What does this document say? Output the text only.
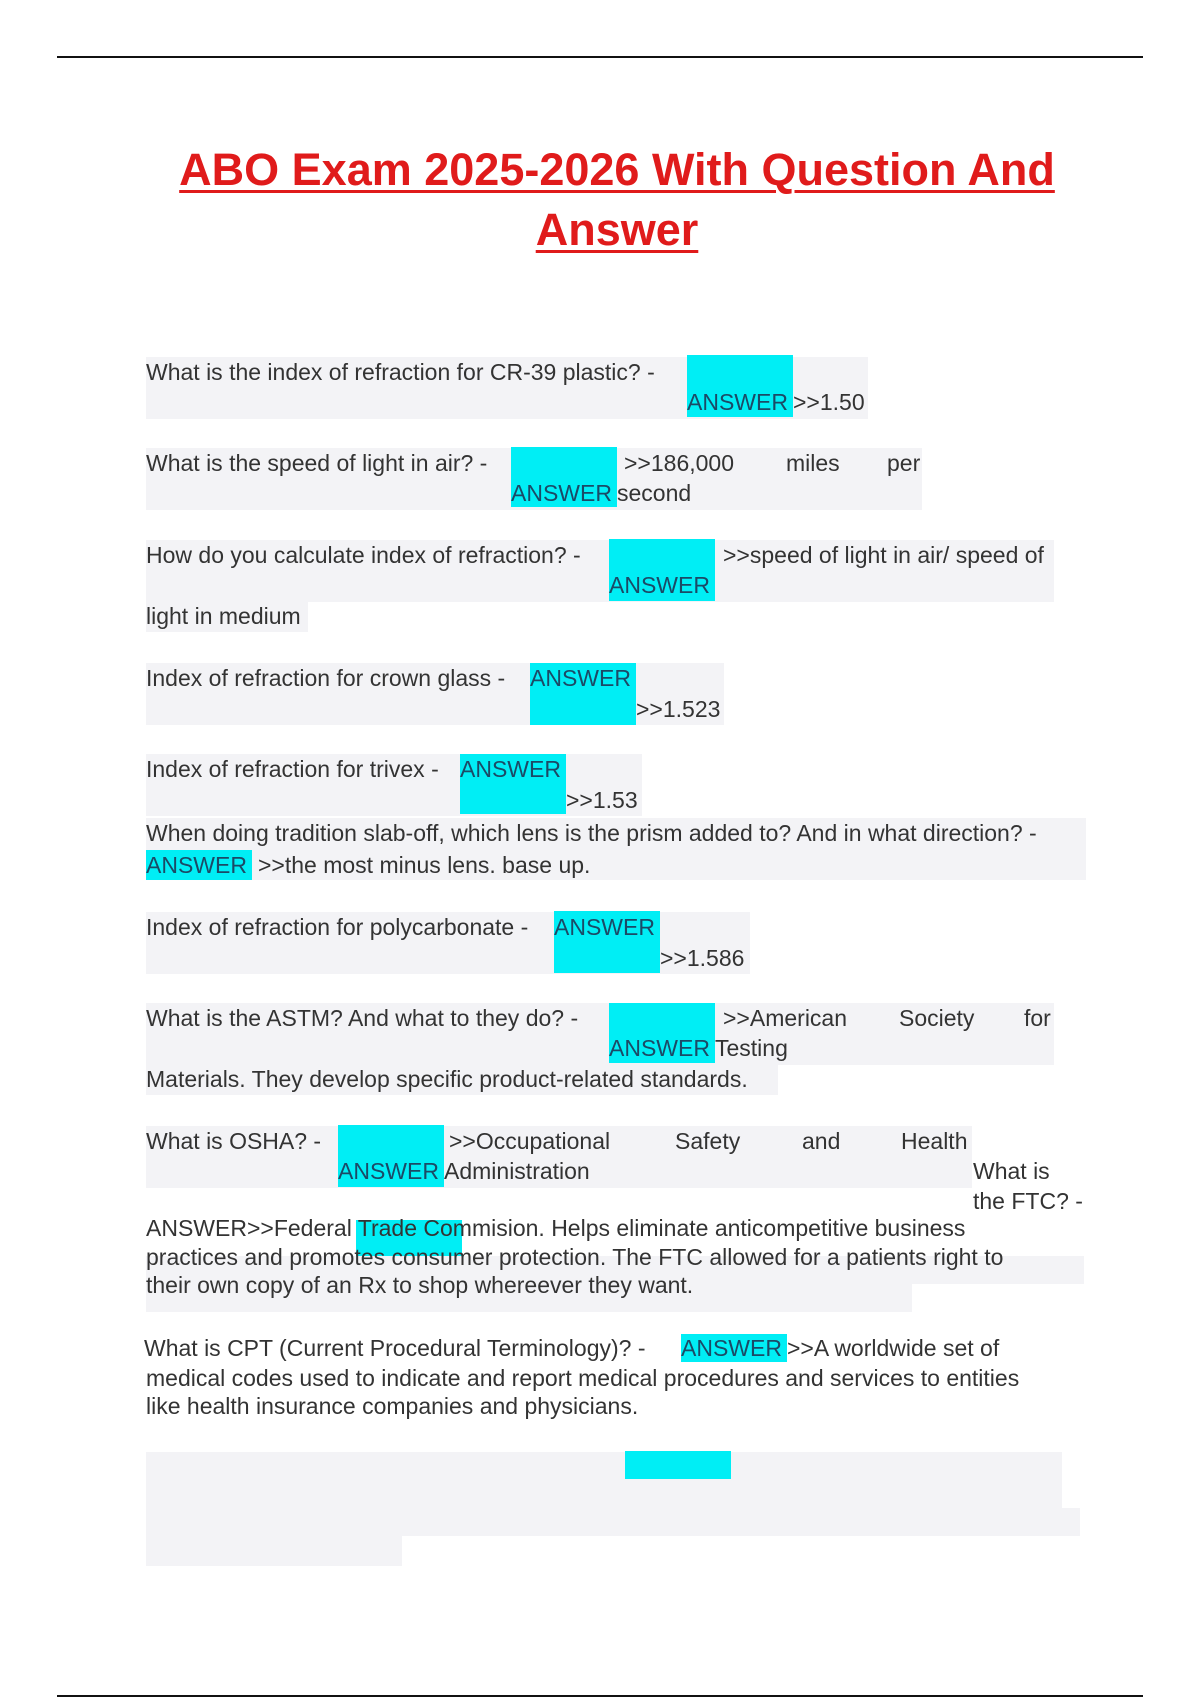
ABO Exam 2025-2026 With Question And Answer
What is the index of refraction for CR-39 plastic? -
ANSWER >>1.50
What is the speed of light in air? -
ANSWER
>>186,000 miles per
second
How do you calculate index of refraction? -
ANSWER
>>speed of light in air/ speed of
light in medium
Index of refraction for crown glass - ANSWER
>>1.523
Index of refraction for trivex - ANSWER
>>1.53
When doing tradition slab-off, which lens is the prism added to? And in what direction? -
ANSWER >>the most minus lens. base up.
Index of refraction for polycarbonate - ANSWER
>>1.586
What is the ASTM? And what to they do? -
ANSWER
>>American Society for
Testing
Materials. They develop specific product-related standards.
What is OSHA? -
ANSWER
>>Occupational	Safety	and	Health
Administration	What is
the FTC? -
ANSWER>>Federal Trade Commision. Helps eliminate anticompetitive business
practices and promotes consumer protection. The FTC allowed for a patients right to
their own copy of an Rx to shop whereever they want.
What is CPT (Current Procedural Terminology)? - ANSWER >>A worldwide set of
medical codes used to indicate and report medical procedures and services to entities
like health insurance companies and physicians.
